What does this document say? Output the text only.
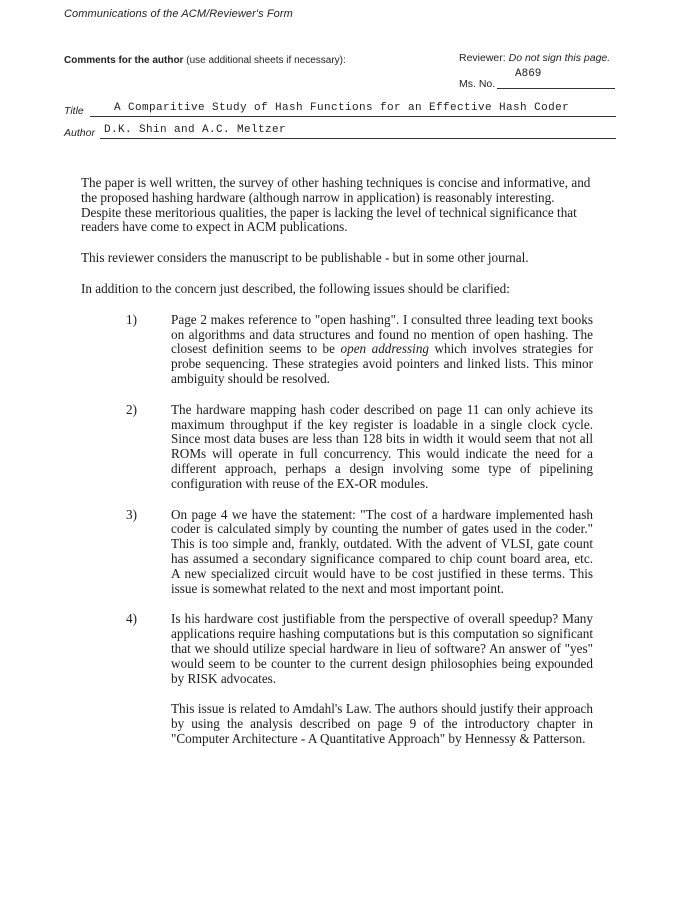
Communications of the ACM/Reviewer's Form
Comments for the author (use additional sheets if necessary):	Reviewer: Do not sign this page.
Ms. No.
A869
Title	A Comparitive Study of Hash Functions for an Effective Hash Coder
Author D.K. Shin and A.C. Meltzer

The paper is well written, the survey of other hashing techniques is concise and informative, and the proposed hashing hardware (although narrow in application) is reasonably interesting. Despite these meritorious qualities, the paper is lacking the level of technical significance that readers have come to expect in ACM publications.

This reviewer considers the manuscript to be publishable - but in some other journal.

In addition to the concern just described, the following issues should be clarified:

1)	Page 2 makes reference to "open hashing". I consulted three leading text books on algorithms and data structures and found no mention of open hashing. The closest definition seems to be open addressing which involves strategies for probe sequencing. These strategies avoid pointers and linked lists. This minor ambiguity should be resolved.
2)	The hardware mapping hash coder described on page 11 can only achieve its maximum throughput if the key register is loadable in a single clock cycle. Since most data buses are less than 128 bits in width it would seem that not all ROMs will operate in full concurrency. This would indicate the need for a different approach, perhaps a design involving some type of pipelining configuration with reuse of the EX-OR modules.
3)	On page 4 we have the statement: "The cost of a hardware implemented hash coder is calculated simply by counting the number of gates used in the coder." This is too simple and, frankly, outdated. With the advent of VLSI, gate count has assumed a secondary significance compared to chip count board area, etc. A new specialized circuit would have to be cost justified in these terms. This issue is somewhat related to the next and most important point.
4)	Is his hardware cost justifiable from the perspective of overall speedup? Many applications require hashing computations but is this computation so significant that we should utilize special hardware in lieu of software? An answer of "yes" would seem to be counter to the current design philosophies being expounded by RISK advocates.
This issue is related to Amdahl's Law. The authors should justify their approach by using the analysis described on page 9 of the introductory chapter in "Computer Architecture - A Quantitative Approach" by Hennessy & Patterson.
